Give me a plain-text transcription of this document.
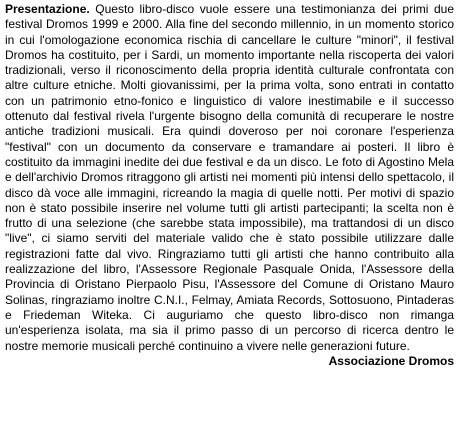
Presentazione. Questo libro-disco vuole essere una testimonianza dei primi due festival Dromos 1999 e 2000. Alla fine del secondo millennio, in un momento storico in cui l'omologazione economica rischia di cancellare le culture "minori", il festival Dromos ha costituito, per i Sardi, un momento importante nella riscoperta dei valori tradizionali, verso il riconoscimento della propria identità culturale confrontata con altre culture etniche. Molti giovanissimi, per la prima volta, sono entrati in contatto con un patrimonio etno-fonico e linguistico di valore inestimabile e il successo ottenuto dal festival rivela l'urgente bisogno della comunità di recuperare le nostre antiche tradizioni musicali. Era quindi doveroso per noi coronare l'esperienza "festival" con un documento da conservare e tramandare ai posteri. Il libro è costituito da immagini inedite dei due festival e da un disco. Le foto di Agostino Mela e dell'archivio Dromos ritraggono gli artisti nei momenti più intensi dello spettacolo, il disco dà voce alle immagini, ricreando la magia di quelle notti. Per motivi di spazio non è stato possibile inserire nel volume tutti gli artisti partecipanti; la scelta non è frutto di una selezione (che sarebbe stata impossibile), ma trattandosi di un disco "live", ci siamo serviti del materiale valido che è stato possibile utilizzare dalle registrazioni fatte dal vivo. Ringraziamo tutti gli artisti che hanno contribuito alla realizzazione del libro, l'Assessore Regionale Pasquale Onida, l'Assessore della Provincia di Oristano Pierpaolo Pisu, l'Assessore del Comune di Oristano Mauro Solinas, ringraziamo inoltre C.N.I., Felmay, Amiata Records, Sottosuono, Pintaderas e Friedeman Witeka. Ci auguriamo che questo libro-disco non rimanga un'esperienza isolata, ma sia il primo passo di un percorso di ricerca dentro le nostre memorie musicali perché continuino a vivere nelle generazioni future.

Associazione Dromos
